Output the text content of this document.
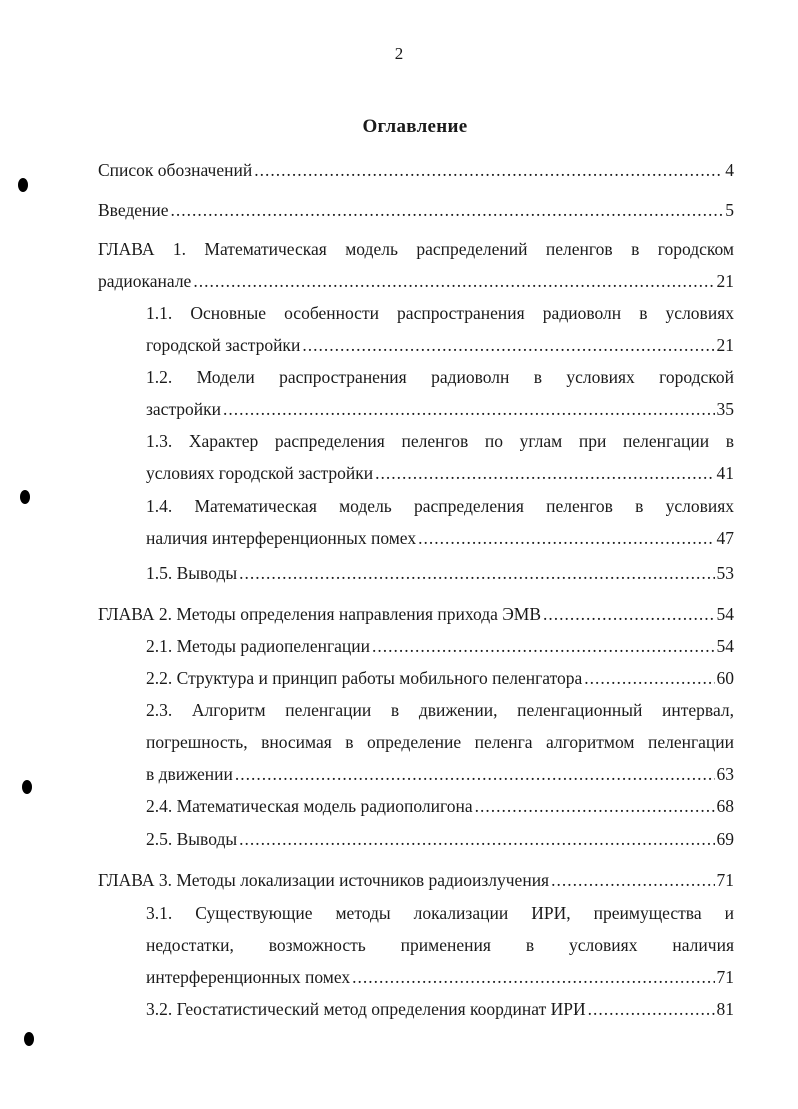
2
Оглавление
Список обозначений .....	4
Введение .....	5
ГЛАВА 1. Математическая модель распределений пеленгов в городском
радиоканале .....	21
1.1. Основные особенности распространения радиоволн в условиях
городской застройки .....	21
1.2. Модели распространения радиоволн в условиях городской
застройки .....	35
1.3. Характер распределения пеленгов по углам при пеленгации в
условиях городской застройки .....	41
1.4. Математическая модель распределения пеленгов в условиях
наличия интерференционных помех .....	47
1.5. Выводы .....	53
ГЛАВА 2. Методы определения направления прихода ЭМВ .....	54
2.1. Методы радиопеленгации .....	54
2.2. Структура и принцип работы мобильного пеленгатора .....	60
2.3. Алгоритм пеленгации в движении, пеленгационный интервал,
погрешность, вносимая в определение пеленга алгоритмом пеленгации
в движении .....	63
2.4. Математическая модель радиополигона .....	68
2.5. Выводы .....	69
ГЛАВА 3. Методы локализации источников радиоизлучения .....	71
3.1. Существующие методы локализации ИРИ, преимущества и
недостатки, возможность применения в условиях наличия
интерференционных помех .....	71
3.2. Геостатистический метод определения координат ИРИ .....	81
